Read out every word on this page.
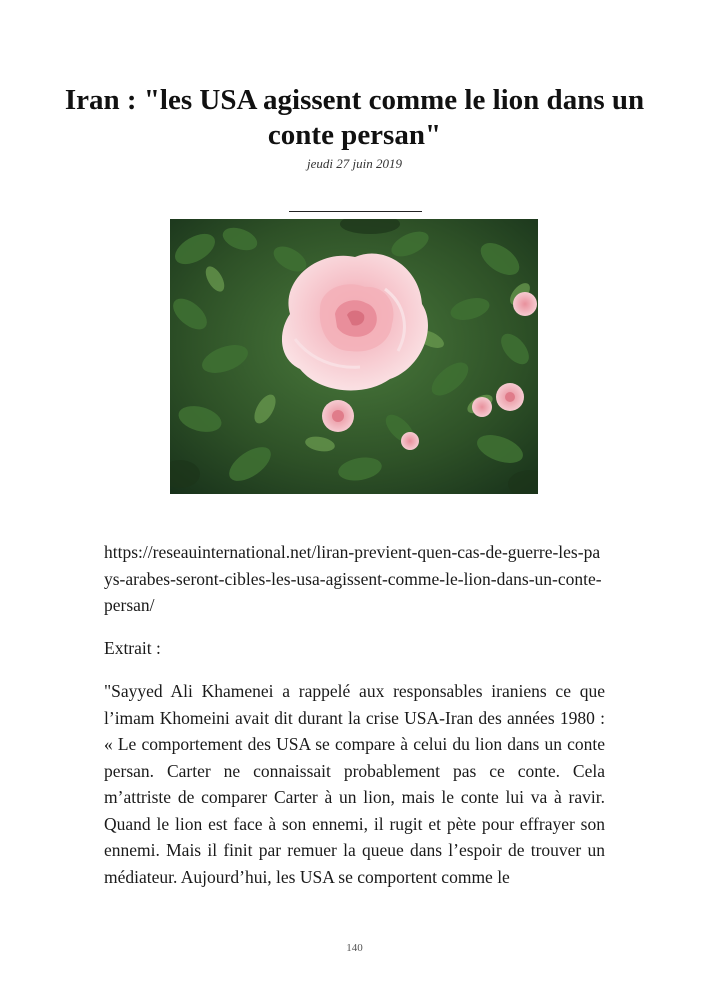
Iran : "les USA agissent comme le lion dans un conte persan"
jeudi 27 juin 2019

https://reseauinternational.net/liran-previent-quen-cas-de-guerre-les-pays-arabes-seront-cibles-les-usa-agissent-comme-le-lion-dans-un-conte-persan/

Extrait :

"Sayyed Ali Khamenei a rappelé aux responsables iraniens ce que l’imam Khomeini avait dit durant la crise USA-Iran des années 1980 : « Le comportement des USA se compare à celui du lion dans un conte persan. Carter ne connaissait probablement pas ce conte. Cela m’attriste de comparer Carter à un lion, mais le conte lui va à ravir. Quand le lion est face à son ennemi, il rugit et pète pour effrayer son ennemi. Mais il finit par remuer la queue dans l’espoir de trouver un médiateur. Aujourd’hui, les USA se comportent comme le

140
